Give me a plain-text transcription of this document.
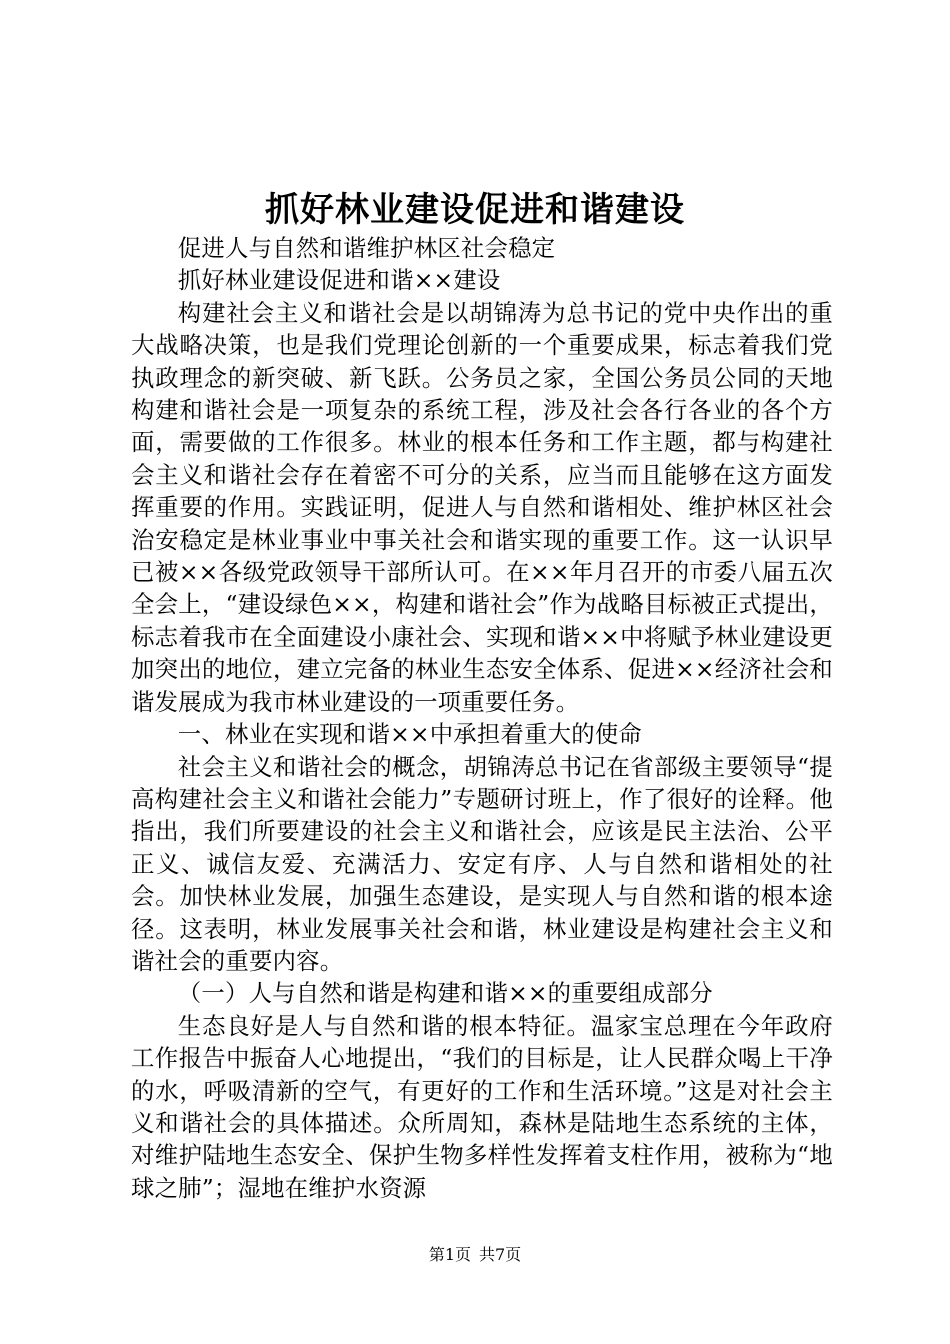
抓好林业建设促进和谐建设

促进人与自然和谐维护林区社会稳定

抓好林业建设促进和谐××建设

构建社会主义和谐社会是以胡锦涛为总书记的党中央作出的重大战略决策，也是我们党理论创新的一个重要成果，标志着我们党执政理念的新突破、新飞跃。公务员之家，全国公务员公同的天地构建和谐社会是一项复杂的系统工程，涉及社会各行各业的各个方面，需要做的工作很多。林业的根本任务和工作主题，都与构建社会主义和谐社会存在着密不可分的关系，应当而且能够在这方面发挥重要的作用。实践证明，促进人与自然和谐相处、维护林区社会治安稳定是林业事业中事关社会和谐实现的重要工作。这一认识早已被××各级党政领导干部所认可。在××年月召开的市委八届五次全会上，“建设绿色××，构建和谐社会”作为战略目标被正式提出，标志着我市在全面建设小康社会、实现和谐××中将赋予林业建设更加突出的地位，建立完备的林业生态安全体系、促进××经济社会和谐发展成为我市林业建设的一项重要任务。

一、林业在实现和谐××中承担着重大的使命

社会主义和谐社会的概念，胡锦涛总书记在省部级主要领导“提高构建社会主义和谐社会能力”专题研讨班上，作了很好的诠释。他指出，我们所要建设的社会主义和谐社会，应该是民主法治、公平正义、诚信友爱、充满活力、安定有序、人与自然和谐相处的社会。加快林业发展，加强生态建设，是实现人与自然和谐的根本途径。这表明，林业发展事关社会和谐，林业建设是构建社会主义和谐社会的重要内容。

（一）人与自然和谐是构建和谐××的重要组成部分

生态良好是人与自然和谐的根本特征。温家宝总理在今年政府工作报告中振奋人心地提出，“我们的目标是，让人民群众喝上干净的水，呼吸清新的空气，有更好的工作和生活环境。”这是对社会主义和谐社会的具体描述。众所周知，森林是陆地生态系统的主体，对维护陆地生态安全、保护生物多样性发挥着支柱作用，被称为“地球之肺”；湿地在维护水资源

第1页 共7页
